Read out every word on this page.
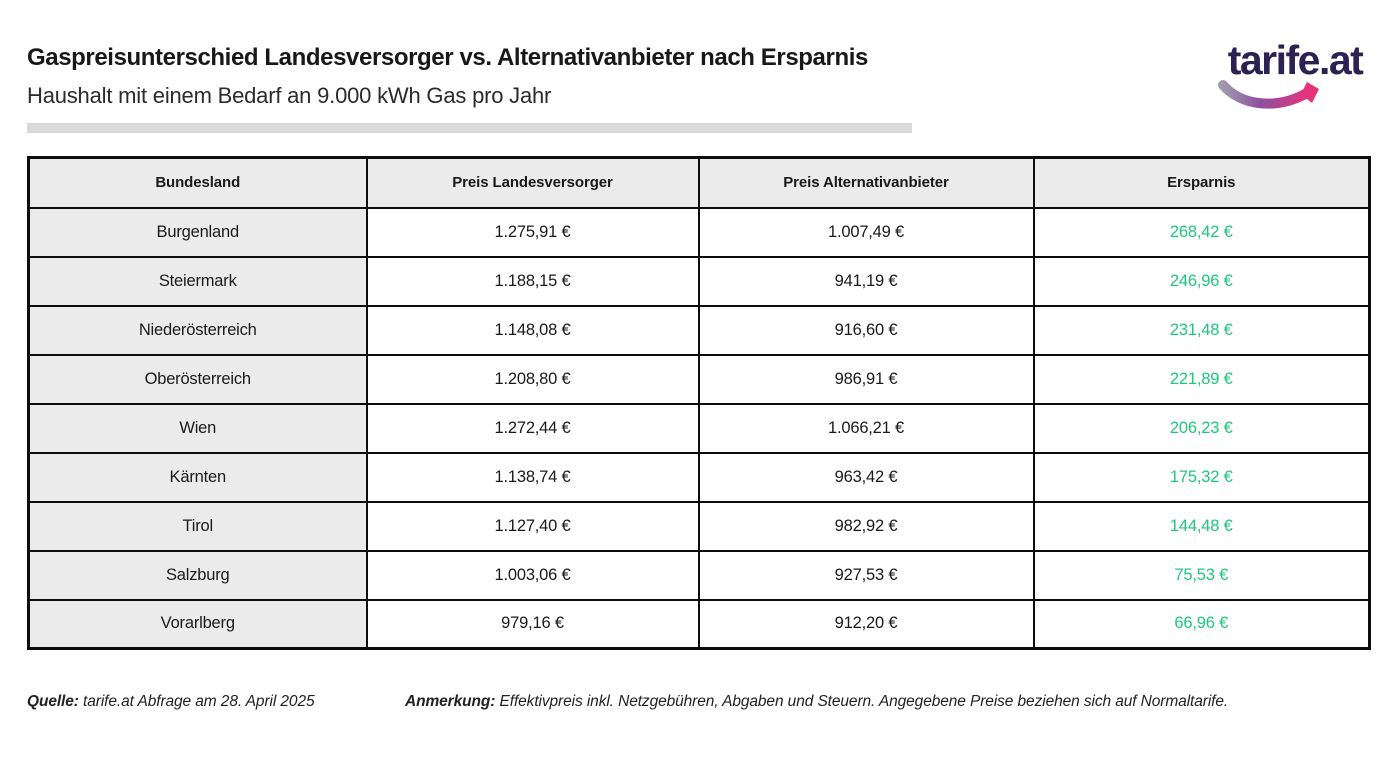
Gaspreisunterschied Landesversorger vs. Alternativanbieter nach Ersparnis
Haushalt mit einem Bedarf an 9.000 kWh Gas pro Jahr
tarife.at
Bundesland	Preis Landesversorger	Preis Alternativanbieter	Ersparnis
Burgenland	1.275,91 €	1.007,49 €	268,42 €
Steiermark	1.188,15 €	941,19 €	246,96 €
Niederösterreich	1.148,08 €	916,60 €	231,48 €
Oberösterreich	1.208,80 €	986,91 €	221,89 €
Wien	1.272,44 €	1.066,21 €	206,23 €
Kärnten	1.138,74 €	963,42 €	175,32 €
Tirol	1.127,40 €	982,92 €	144,48 €
Salzburg	1.003,06 €	927,53 €	75,53 €
Vorarlberg	979,16 €	912,20 €	66,96 €
Quelle: tarife.at Abfrage am 28. April 2025	Anmerkung: Effektivpreis inkl. Netzgebühren, Abgaben und Steuern. Angegebene Preise beziehen sich auf Normaltarife.
